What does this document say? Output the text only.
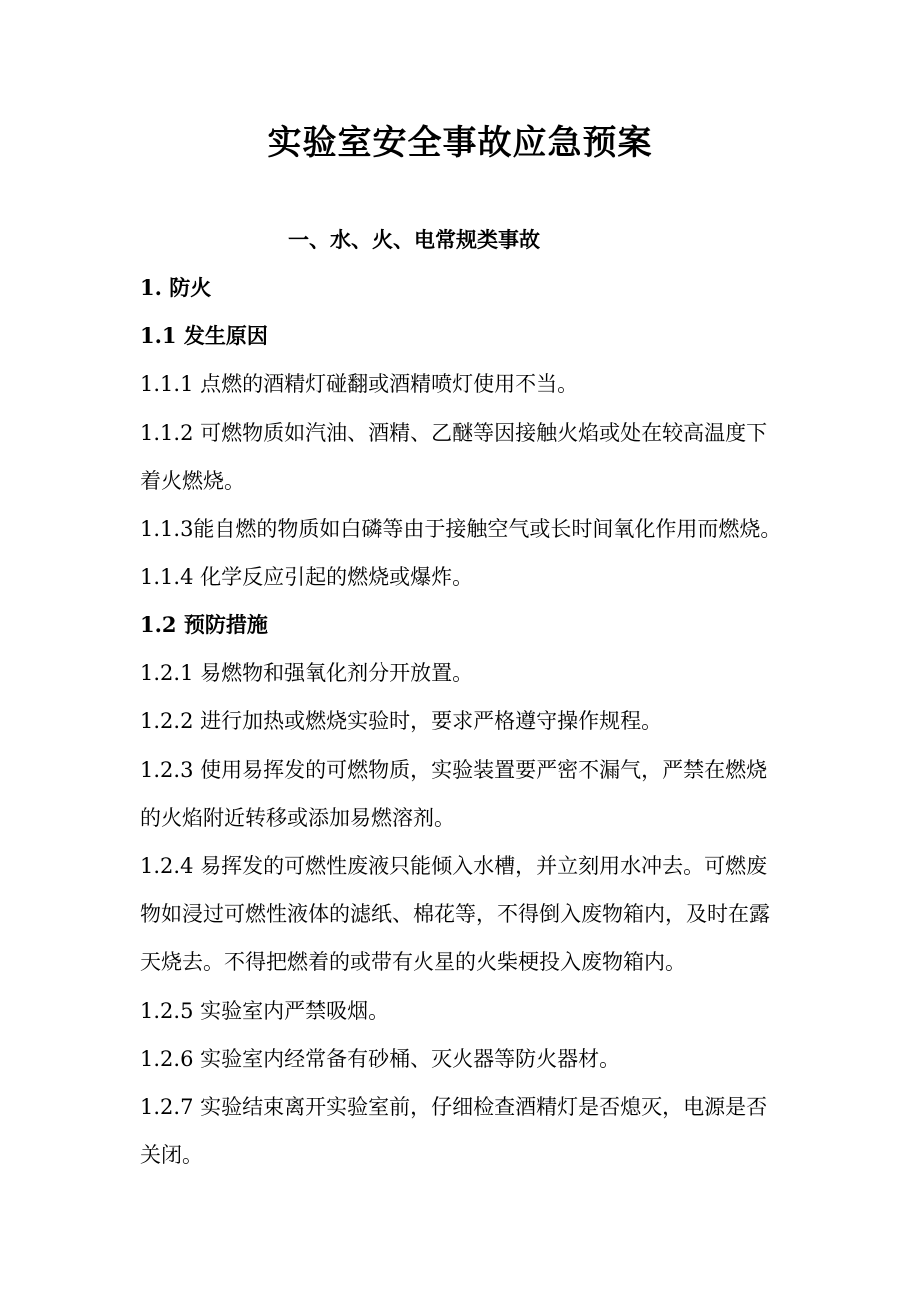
实验室安全事故应急预案
一、水、火、电常规类事故
1. 防火
1.1 发生原因
1.1.1 点燃的酒精灯碰翻或酒精喷灯使用不当。
1.1.2 可燃物质如汽油、酒精、乙醚等因接触火焰或处在较高温度下
着火燃烧。
1.1.3能自燃的物质如白磷等由于接触空气或长时间氧化作用而燃烧。
1.1.4 化学反应引起的燃烧或爆炸。
1.2 预防措施
1.2.1 易燃物和强氧化剂分开放置。
1.2.2 进行加热或燃烧实验时，要求严格遵守操作规程。
1.2.3 使用易挥发的可燃物质，实验装置要严密不漏气，严禁在燃烧
的火焰附近转移或添加易燃溶剂。
1.2.4 易挥发的可燃性废液只能倾入水槽，并立刻用水冲去。可燃废
物如浸过可燃性液体的滤纸、棉花等，不得倒入废物箱内，及时在露
天烧去。不得把燃着的或带有火星的火柴梗投入废物箱内。
1.2.5 实验室内严禁吸烟。
1.2.6 实验室内经常备有砂桶、灭火器等防火器材。
1.2.7 实验结束离开实验室前，仔细检查酒精灯是否熄灭，电源是否
关闭。
